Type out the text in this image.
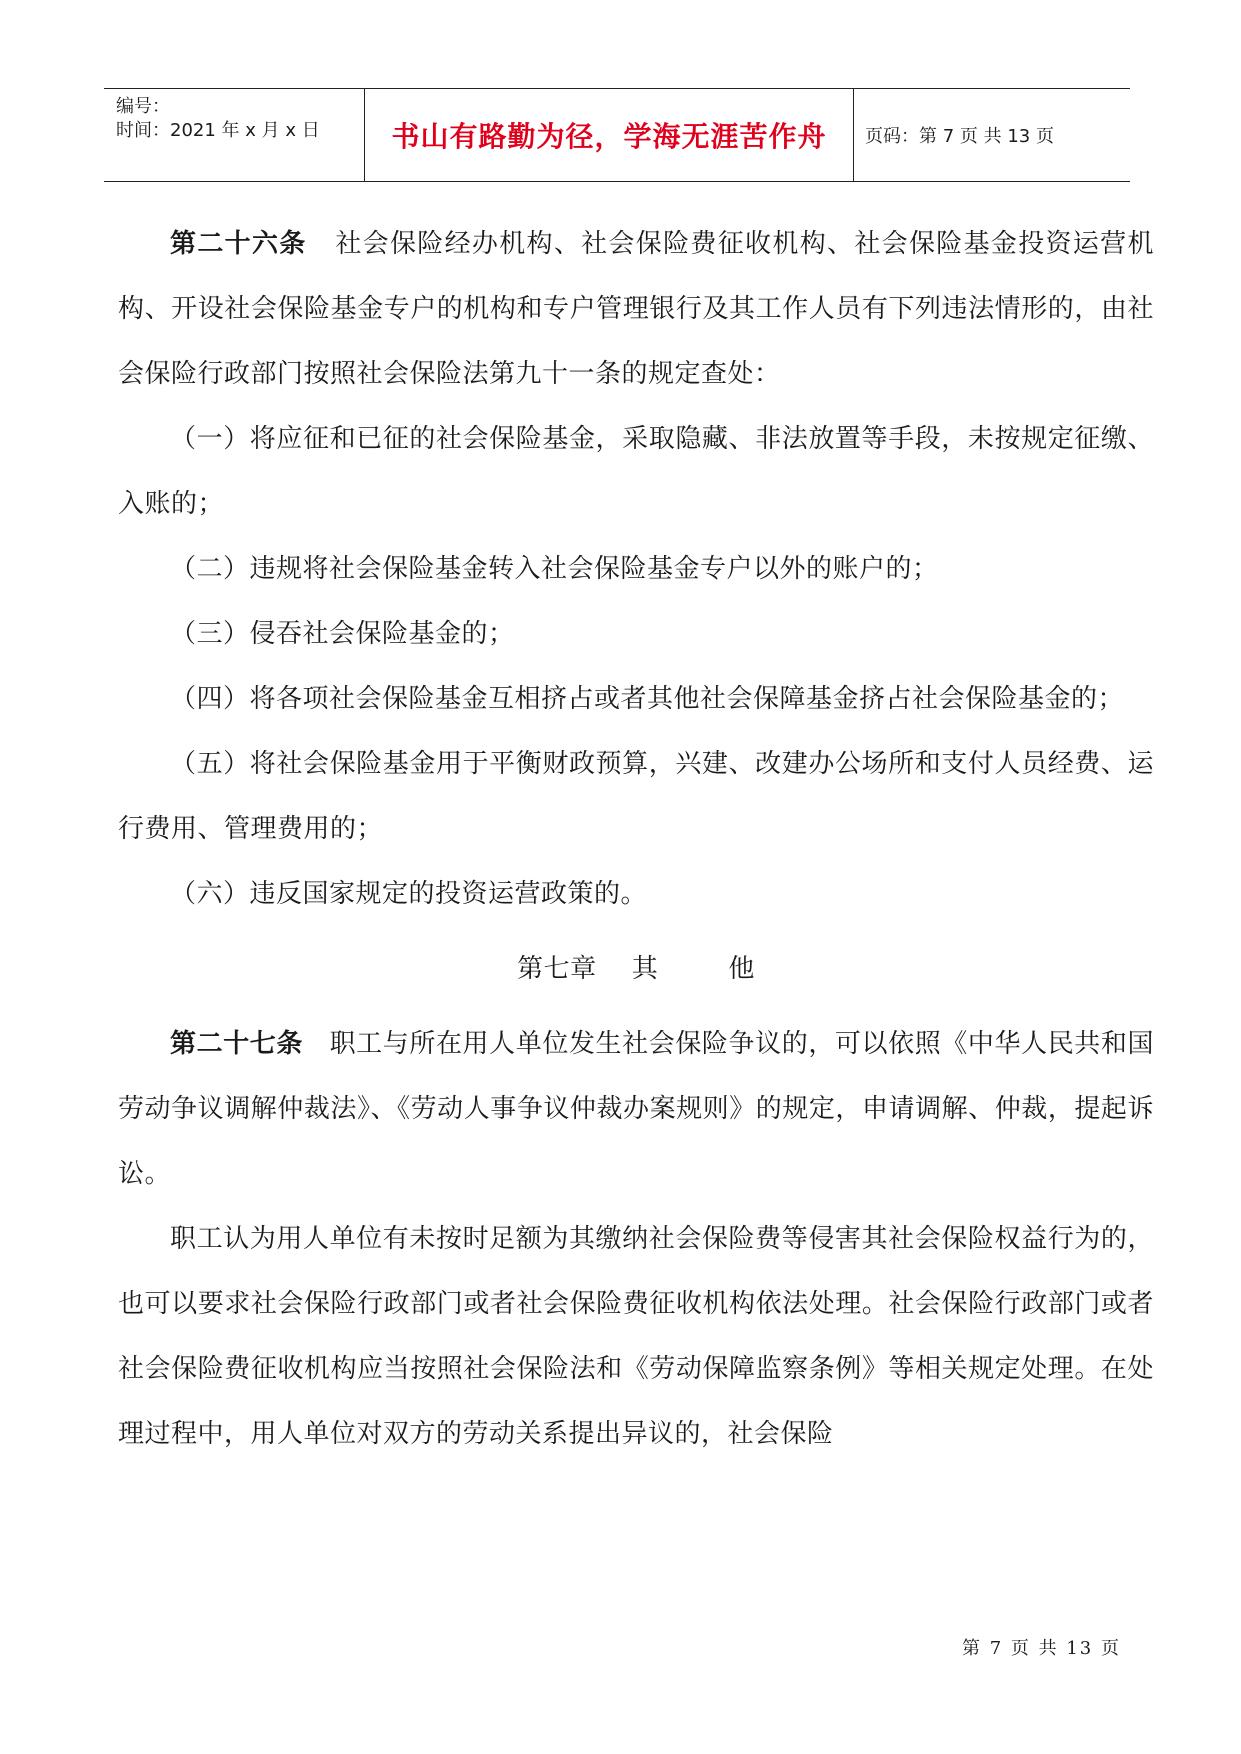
编号：
时间：2021 年 x 月 x 日	书山有路勤为径，学海无涯苦作舟	页码：第 7 页 共 13 页

第二十六条 社会保险经办机构、社会保险费征收机构、社会保险基金投资运营机构、开设社会保险基金专户的机构和专户管理银行及其工作人员有下列违法情形的，由社会保险行政部门按照社会保险法第九十一条的规定查处：

（一）将应征和已征的社会保险基金，采取隐藏、非法放置等手段，未按规定征缴、入账的；

（二）违规将社会保险基金转入社会保险基金专户以外的账户的；

（三）侵吞社会保险基金的；

（四）将各项社会保险基金互相挤占或者其他社会保障基金挤占社会保险基金的；

（五）将社会保险基金用于平衡财政预算，兴建、改建办公场所和支付人员经费、运行费用、管理费用的；

（六）违反国家规定的投资运营政策的。

第七章    其        他

第二十七条 职工与所在用人单位发生社会保险争议的，可以依照《中华人民共和国劳动争议调解仲裁法》、《劳动人事争议仲裁办案规则》的规定，申请调解、仲裁，提起诉讼。

职工认为用人单位有未按时足额为其缴纳社会保险费等侵害其社会保险权益行为的，也可以要求社会保险行政部门或者社会保险费征收机构依法处理。社会保险行政部门或者社会保险费征收机构应当按照社会保险法和《劳动保障监察条例》等相关规定处理。在处理过程中，用人单位对双方的劳动关系提出异议的，社会保险

第 7 页 共 13 页
